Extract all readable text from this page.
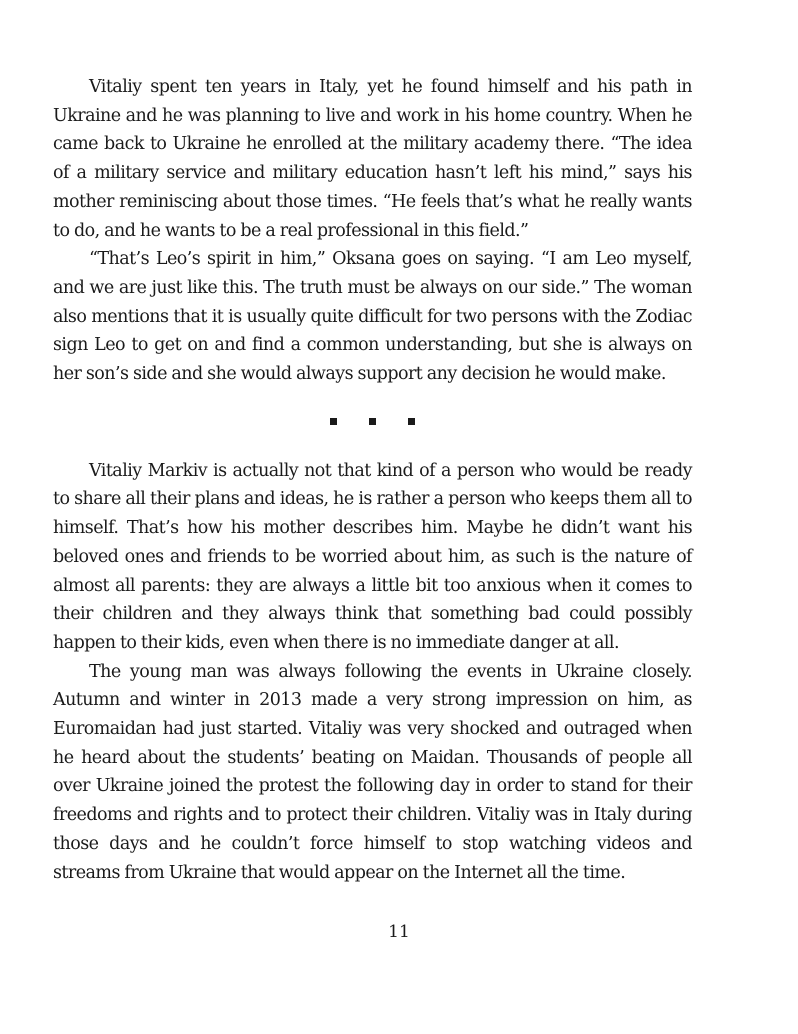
Vitaliy spent ten years in Italy, yet he found himself and his path in Ukraine and he was planning to live and work in his home country. When he came back to Ukraine he enrolled at the military academy there. “The idea of a military service and military education hasn’t left his mind,” says his mother reminiscing about those times. “He feels that’s what he really wants to do, and he wants to be a real professional in this field.”

“That’s Leo’s spirit in him,” Oksana goes on saying. “I am Leo myself, and we are just like this. The truth must be always on our side.” The woman also mentions that it is usually quite difficult for two persons with the Zodiac sign Leo to get on and find a common understanding, but she is always on her son’s side and she would always support any decision he would make.

Vitaliy Markiv is actually not that kind of a person who would be ready to share all their plans and ideas, he is rather a person who keeps them all to himself. That’s how his mother describes him. Maybe he didn’t want his beloved ones and friends to be worried about him, as such is the nature of almost all parents: they are always a little bit too anxious when it comes to their children and they always think that something bad could possibly happen to their kids, even when there is no immediate danger at all.

The young man was always following the events in Ukraine closely. Autumn and winter in 2013 made a very strong impression on him, as Euromaidan had just started. Vitaliy was very shocked and outraged when he heard about the students’ beating on Maidan. Thousands of people all over Ukraine joined the protest the following day in order to stand for their freedoms and rights and to protect their children. Vitaliy was in Italy during those days and he couldn’t force himself to stop watching videos and streams from Ukraine that would appear on the Internet all the time.

11
